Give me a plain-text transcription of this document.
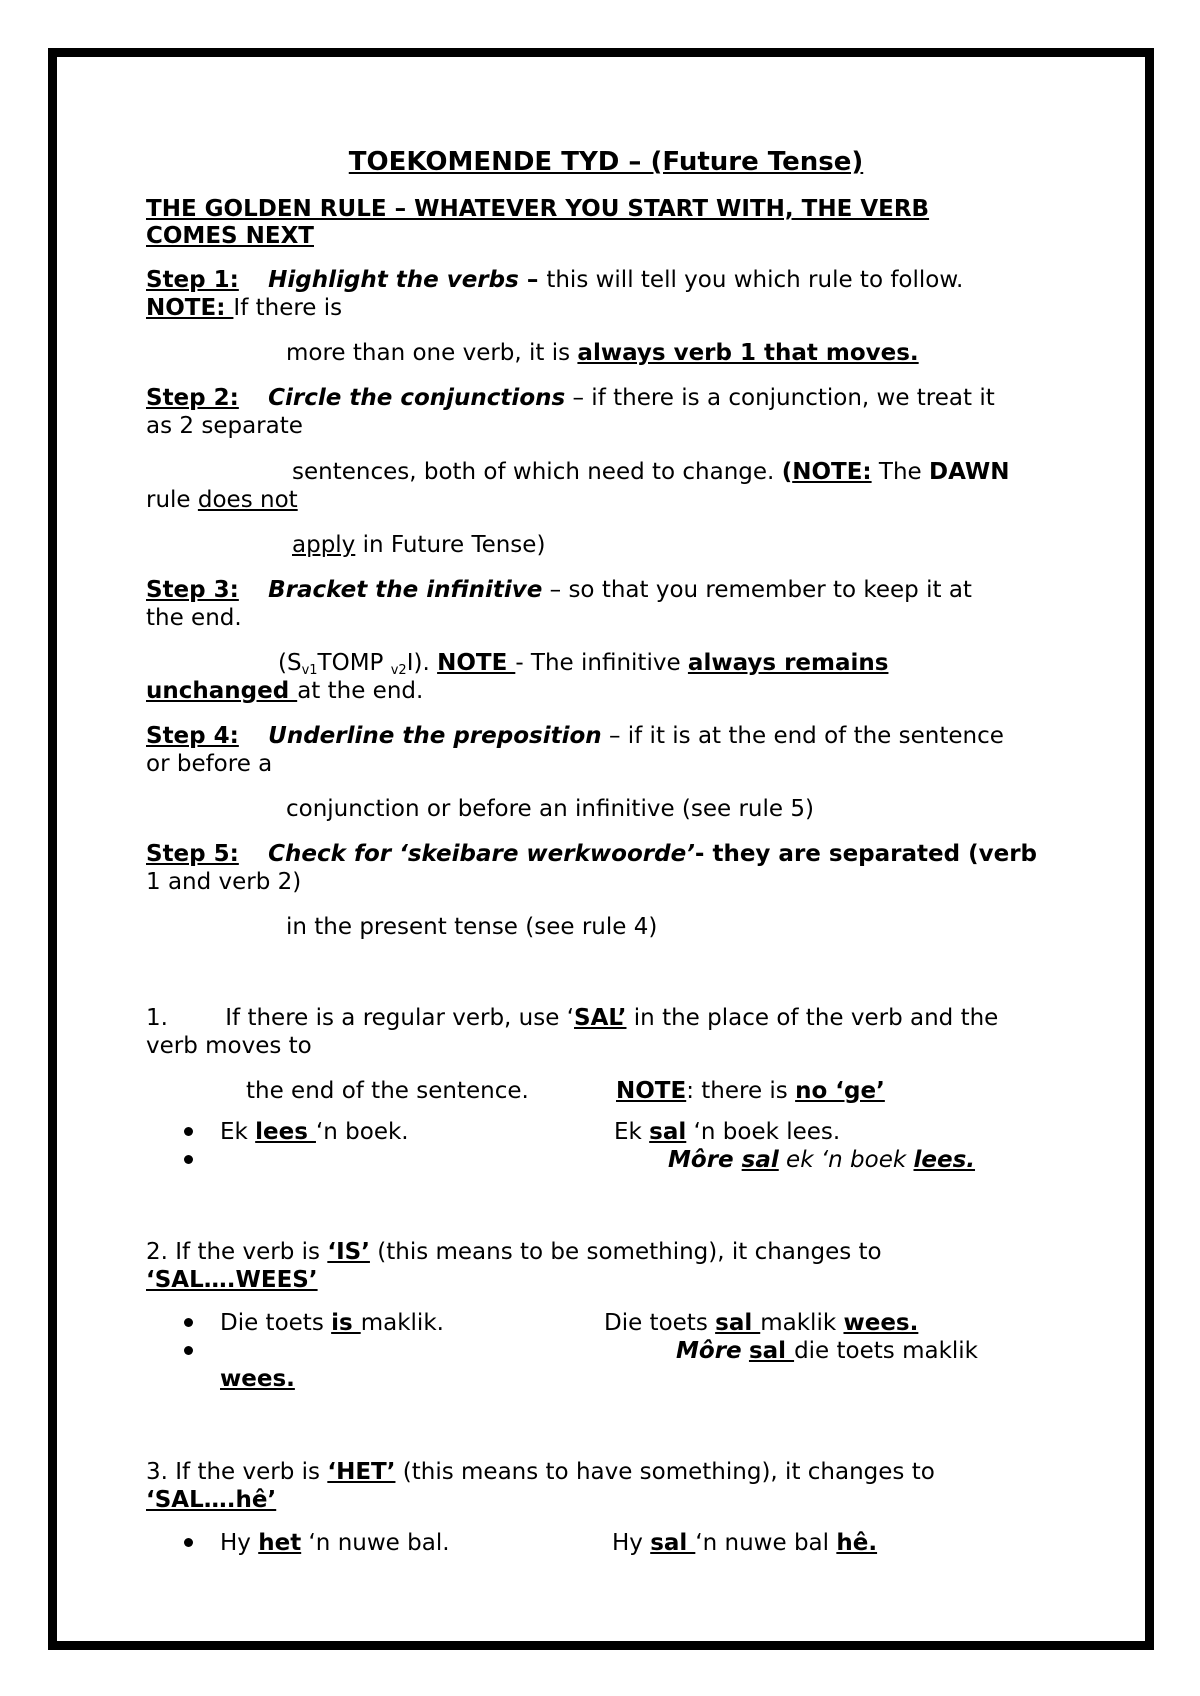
TOEKOMENDE TYD – (Future Tense)
THE GOLDEN RULE – WHATEVER YOU START WITH, THE VERB
COMES NEXT
Step 1: Highlight the verbs – this will tell you which rule to follow.
NOTE: If there is
more than one verb, it is always verb 1 that moves.
Step 2: Circle the conjunctions – if there is a conjunction, we treat it
as 2 separate
sentences, both of which need to change. (NOTE: The DAWN
rule does not
apply in Future Tense)
Step 3: Bracket the infinitive – so that you remember to keep it at
the end.
($S_{v1}TOMP$ $_{v2}$I). NOTE - The infinitive always remains
unchanged at the end.
Step 4: Underline the preposition – if it is at the end of the sentence
or before a
conjunction or before an infinitive (see rule 5)
Step 5: Check for ‘skeibare werkwoorde’- they are separated (verb
1 and verb 2)
in the present tense (see rule 4)
1. If there is a regular verb, use ‘SAL’ in the place of the verb and the
verb moves to
the end of the sentence.	NOTE: there is no ‘ge’
Ek lees ‘n boek.	Ek sal ‘n boek lees.
Môre sal ek ‘n boek lees.
2. If the verb is ‘IS’ (this means to be something), it changes to
‘SAL….WEES’
Die toets is maklik.	Die toets sal maklik wees.
Môre sal die toets maklik
wees.
3. If the verb is ‘HET’ (this means to have something), it changes to
‘SAL….hê’
Hy het ‘n nuwe bal.	Hy sal ‘n nuwe bal hê.
